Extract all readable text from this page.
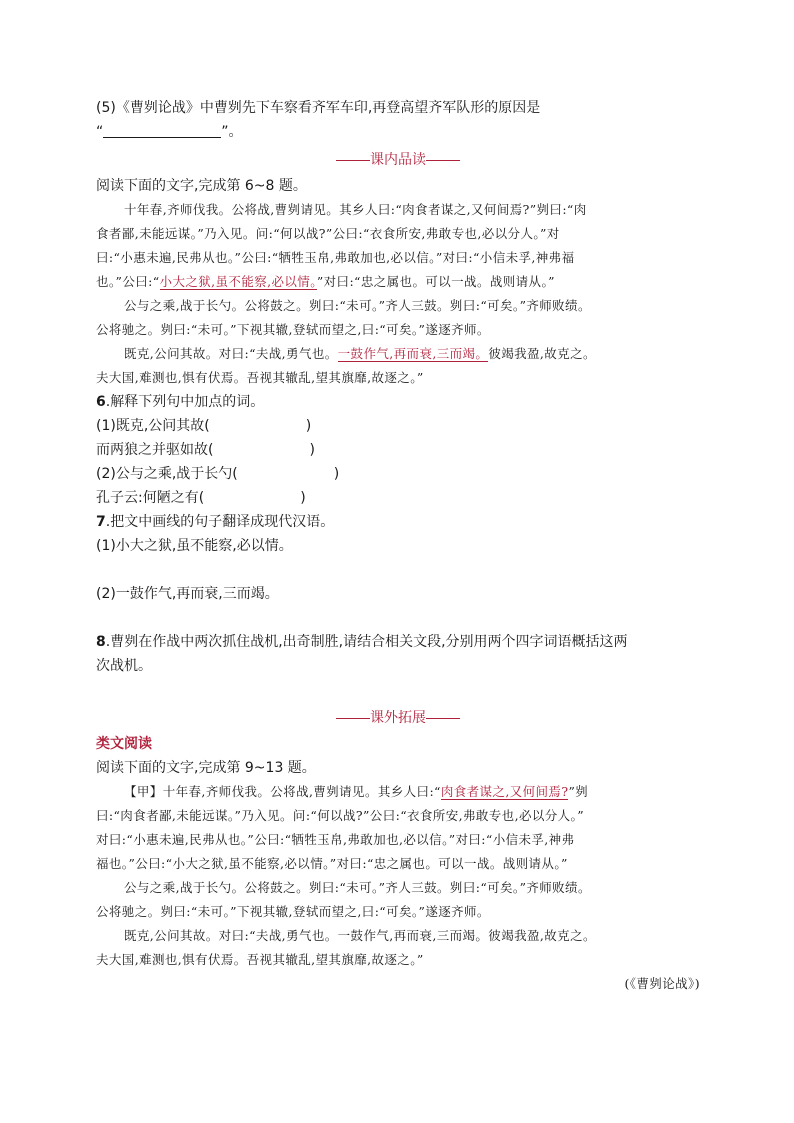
(5)《曹刿论战》中曹刿先下车察看齐军车印,再登高望齐军队形的原因是
“	”。
课内品读
阅读下面的文字,完成第 6~8 题。
十年春,齐师伐我。公将战,曹刿请见。其乡人曰:“肉食者谋之,又何间焉?”刿曰:“肉
食者鄙,未能远谋。”乃入见。问:“何以战?”公曰:“衣食所安,弗敢专也,必以分人。”对
曰:“小惠未遍,民弗从也。”公曰:“牺牲玉帛,弗敢加也,必以信。”对曰:“小信未孚,神弗福
也。”公曰:“小大之狱,虽不能察,必以情。”对曰:“忠之属也。可以一战。战则请从。”
公与之乘,战于长勺。公将鼓之。刿曰:“未可。”齐人三鼓。刿曰:“可矣。”齐师败绩。
公将驰之。刿曰:“未可。”下视其辙,登轼而望之,曰:“可矣。”遂逐齐师。
既克,公问其故。对曰:“夫战,勇气也。一鼓作气,再而衰,三而竭。彼竭我盈,故克之。
夫大国,难测也,惧有伏焉。吾视其辙乱,望其旗靡,故逐之。”
6.解释下列句中加点的词。
(1)既克,公问其故(	)
而两狼之并驱如故(	)
(2)公与之乘,战于长勺(	)
孔子云:何陋之有(	)
7.把文中画线的句子翻译成现代汉语。
(1)小大之狱,虽不能察,必以情。
(2)一鼓作气,再而衰,三而竭。
8.曹刿在作战中两次抓住战机,出奇制胜,请结合相关文段,分别用两个四字词语概括这两
次战机。
课外拓展
类文阅读
阅读下面的文字,完成第 9~13 题。
【甲】十年春,齐师伐我。公将战,曹刿请见。其乡人曰:“肉食者谋之,又何间焉?”刿
曰:“肉食者鄙,未能远谋。”乃入见。问:“何以战?”公曰:“衣食所安,弗敢专也,必以分人。”
对曰:“小惠未遍,民弗从也。”公曰:“牺牲玉帛,弗敢加也,必以信。”对曰:“小信未孚,神弗
福也。”公曰:“小大之狱,虽不能察,必以情。”对曰:“忠之属也。可以一战。战则请从。”
公与之乘,战于长勺。公将鼓之。刿曰:“未可。”齐人三鼓。刿曰:“可矣。”齐师败绩。
公将驰之。刿曰:“未可。”下视其辙,登轼而望之,曰:“可矣。”遂逐齐师。
既克,公问其故。对曰:“夫战,勇气也。一鼓作气,再而衰,三而竭。彼竭我盈,故克之。
夫大国,难测也,惧有伏焉。吾视其辙乱,望其旗靡,故逐之。”
(《曹刿论战》)
